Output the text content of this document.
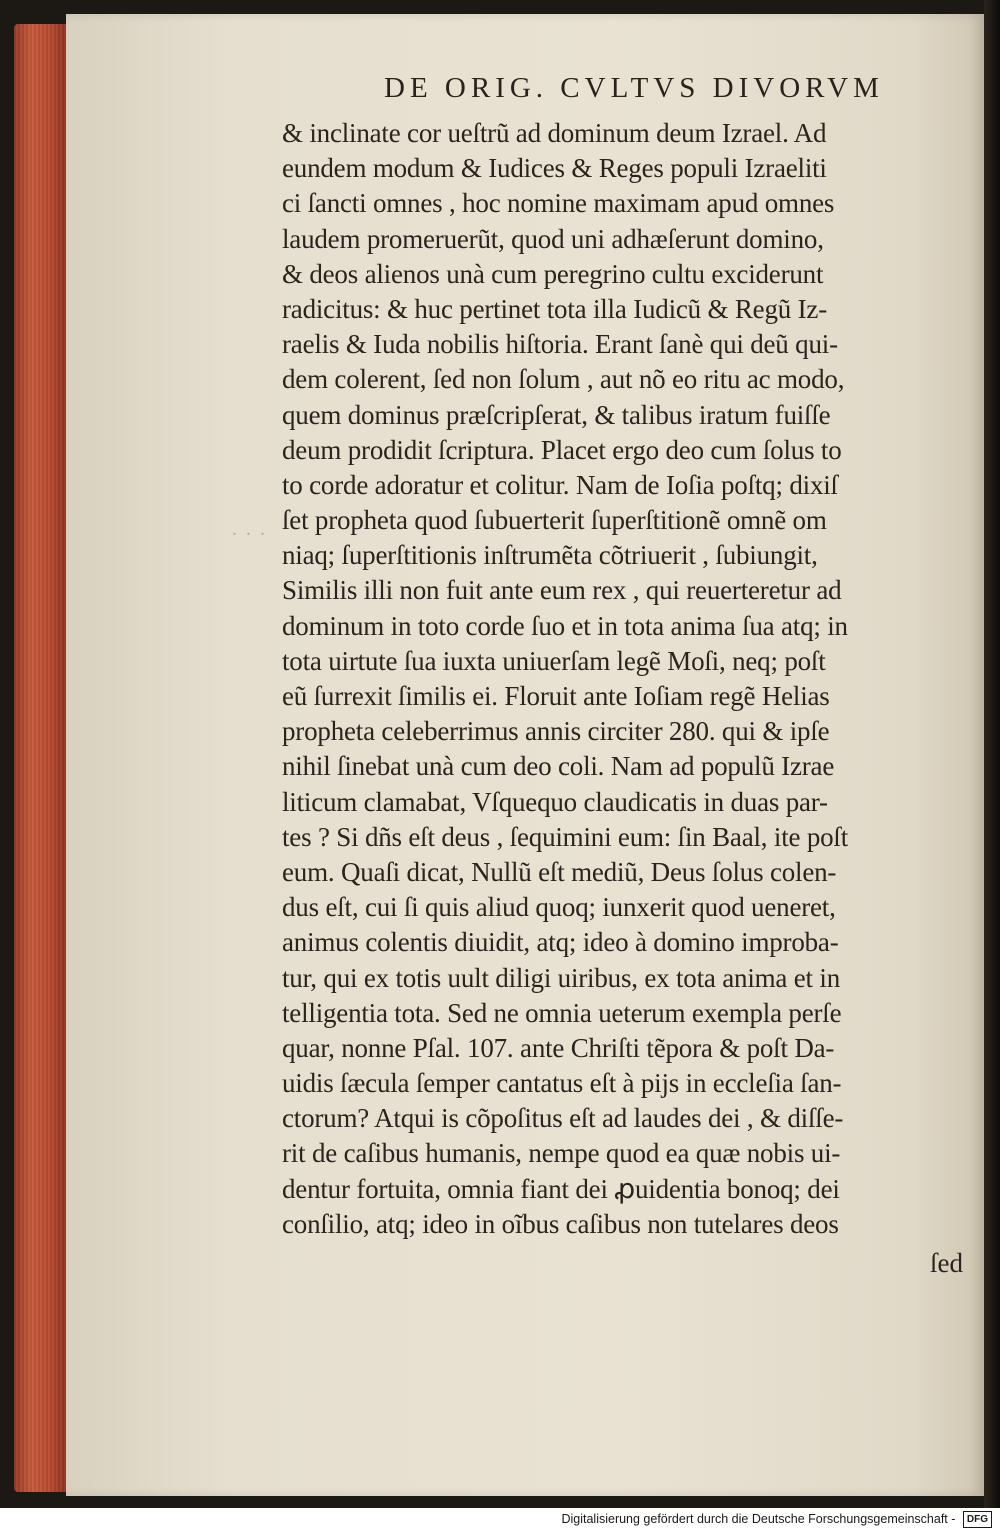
DE ORIG. CVLTVS DIVORVM
. . .
& inclinate cor ueſtrũ ad dominum deum Izrael. Ad
eundem modum & Iudices & Reges populi Izraeliti
ci ſancti omnes , hoc nomine maximam apud omnes
laudem promeruerũt, quod uni adhæſerunt domino,
& deos alienos unà cum peregrino cultu exciderunt
radicitus: & huc pertinet tota illa Iudicũ & Regũ Iz-
raelis & Iuda nobilis hiſtoria. Erant ſanè qui deũ qui-
dem colerent, ſed non ſolum , aut nõ eo ritu ac modo,
quem dominus præſcripſerat, & talibus iratum fuiſſe
deum prodidit ſcriptura. Placet ergo deo cum ſolus to
to corde adoratur et colitur. Nam de Ioſia poſtq; dixiſ
ſet propheta quod ſubuerterit ſuperſtitionẽ omnẽ om
niaq; ſuperſtitionis inſtrumẽta cõtriuerit , ſubiungit,
Similis illi non fuit ante eum rex , qui reuerteretur ad
dominum in toto corde ſuo et in tota anima ſua atq; in
tota uirtute ſua iuxta uniuerſam legẽ Moſi, neq; poſt
eũ ſurrexit ſimilis ei. Floruit ante Ioſiam regẽ Helias
propheta celeberrimus annis circiter 280. qui & ipſe
nihil ſinebat unà cum deo coli. Nam ad populũ Izrae
liticum clamabat, Vſquequo claudicatis in duas par-
tes ? Si dñs eſt deus , ſequimini eum: ſin Baal, ite poſt
eum. Quaſi dicat, Nullũ eſt mediũ, Deus ſolus colen-
dus eſt, cui ſi quis aliud quoq; iunxerit quod ueneret,
animus colentis diuidit, atq; ideo à domino improba-
tur, qui ex totis uult diligi uiribus, ex tota anima et in
telligentia tota. Sed ne omnia ueterum exempla perſe
quar, nonne Pſal. 107. ante Chriſti tẽpora & poſt Da-
uidis ſæcula ſemper cantatus eſt à pijs in eccleſia ſan-
ctorum? Atqui is cõpoſitus eſt ad laudes dei , & diſſe-
rit de caſibus humanis, nempe quod ea quæ nobis ui-
dentur fortuita, omnia fiant dei ꝓuidentia bonoq; dei
conſilio, atq; ideo in oĩbus caſibus non tutelares deos
ſed
Digitalisierung gefördert durch die Deutsche Forschungsgemeinschaft - DFG
